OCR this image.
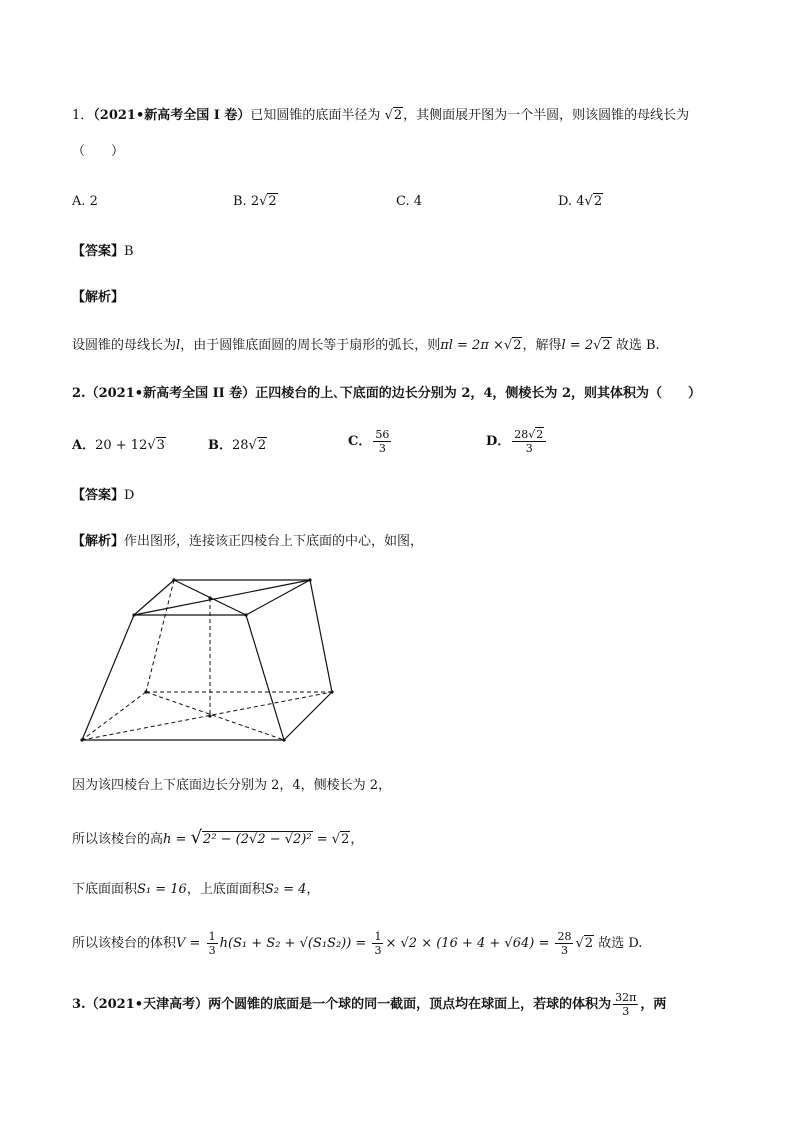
1．（2021•新高考全国 I 卷）已知圆锥的底面半径为 √2，其侧面展开图为一个半圆，则该圆锥的母线长为
（　　）
A. 2	B. 2√2	C. 4	D. 4√2
【答案】B
【解析】
设圆锥的母线长为l，由于圆锥底面圆的周长等于扇形的弧长，则πl = 2π ×√2，解得l = 2√2 故选 B.
2.（2021•新高考全国 II 卷）正四棱台的上､下底面的边长分别为 2，4，侧棱长为 2，则其体积为（　　）
A．20 + 12√3	B．28√2	C． $\frac{56}{3}$	D． $\frac{28√2}{3}$
【答案】D
【解析】作出图形，连接该正四棱台上下底面的中心，如图，
因为该四棱台上下底面边长分别为 2，4，侧棱长为 2，
所以该棱台的高h = √2² − (2√2 − √2)² = √2，
下底面面积S₁ = 16，上底面面积S₂ = 4，
所以该棱台的体积$V = \frac{1}{3} h(S_1 + S_2 + √(S_1S_2)) = \frac{1}{3} \times √2 \times (16 + 4 + √64) = \frac{28}{3} √2$ 故选 D.
3.（2021•天津高考）两个圆锥的底面是一个球的同一截面，顶点均在球面上，若球的体积为 $\frac{32\pi}{3}$ ，两
